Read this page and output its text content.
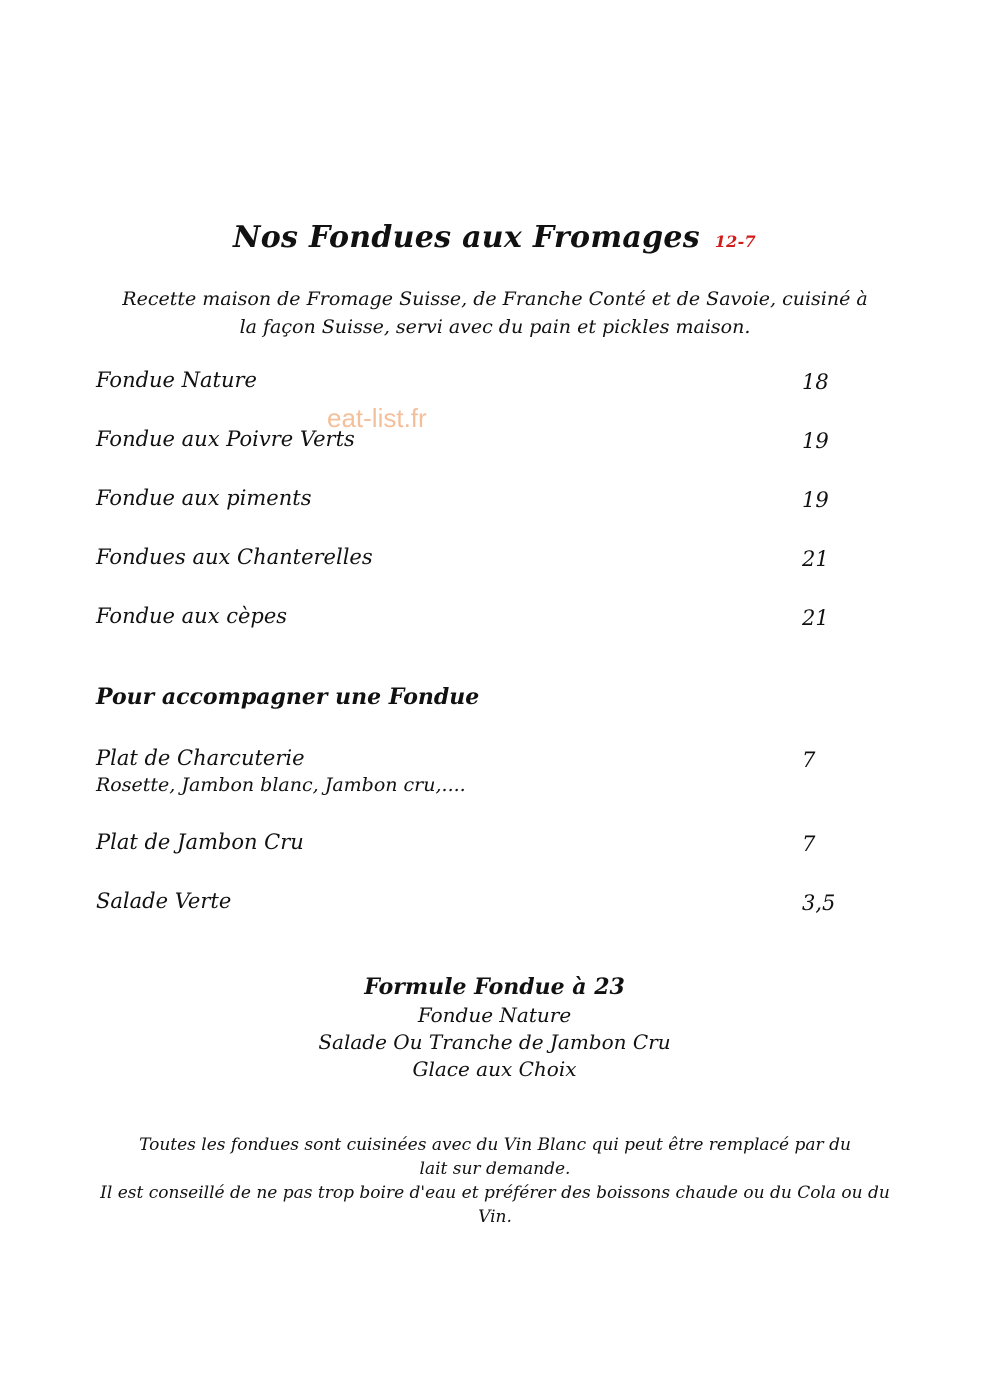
Nos Fondues aux Fromages 12-7
Recette maison de Fromage Suisse, de Franche Conté et de Savoie, cuisiné à
la façon Suisse, servi avec du pain et pickles maison.
eat-list.fr
Fondue Nature	18
Fondue aux Poivre Verts	19
Fondue aux piments	19
Fondues aux Chanterelles	21
Fondue aux cèpes	21
Pour accompagner une Fondue
Plat de Charcuterie	7
Rosette, Jambon blanc, Jambon cru,....
Plat de Jambon Cru	7
Salade Verte	3,5
Formule Fondue à 23
Fondue Nature
Salade Ou Tranche de Jambon Cru
Glace aux Choix
Toutes les fondues sont cuisinées avec du Vin Blanc qui peut être remplacé par du
lait sur demande.
Il est conseillé de ne pas trop boire d'eau et préférer des boissons chaude ou du Cola ou du
Vin.
